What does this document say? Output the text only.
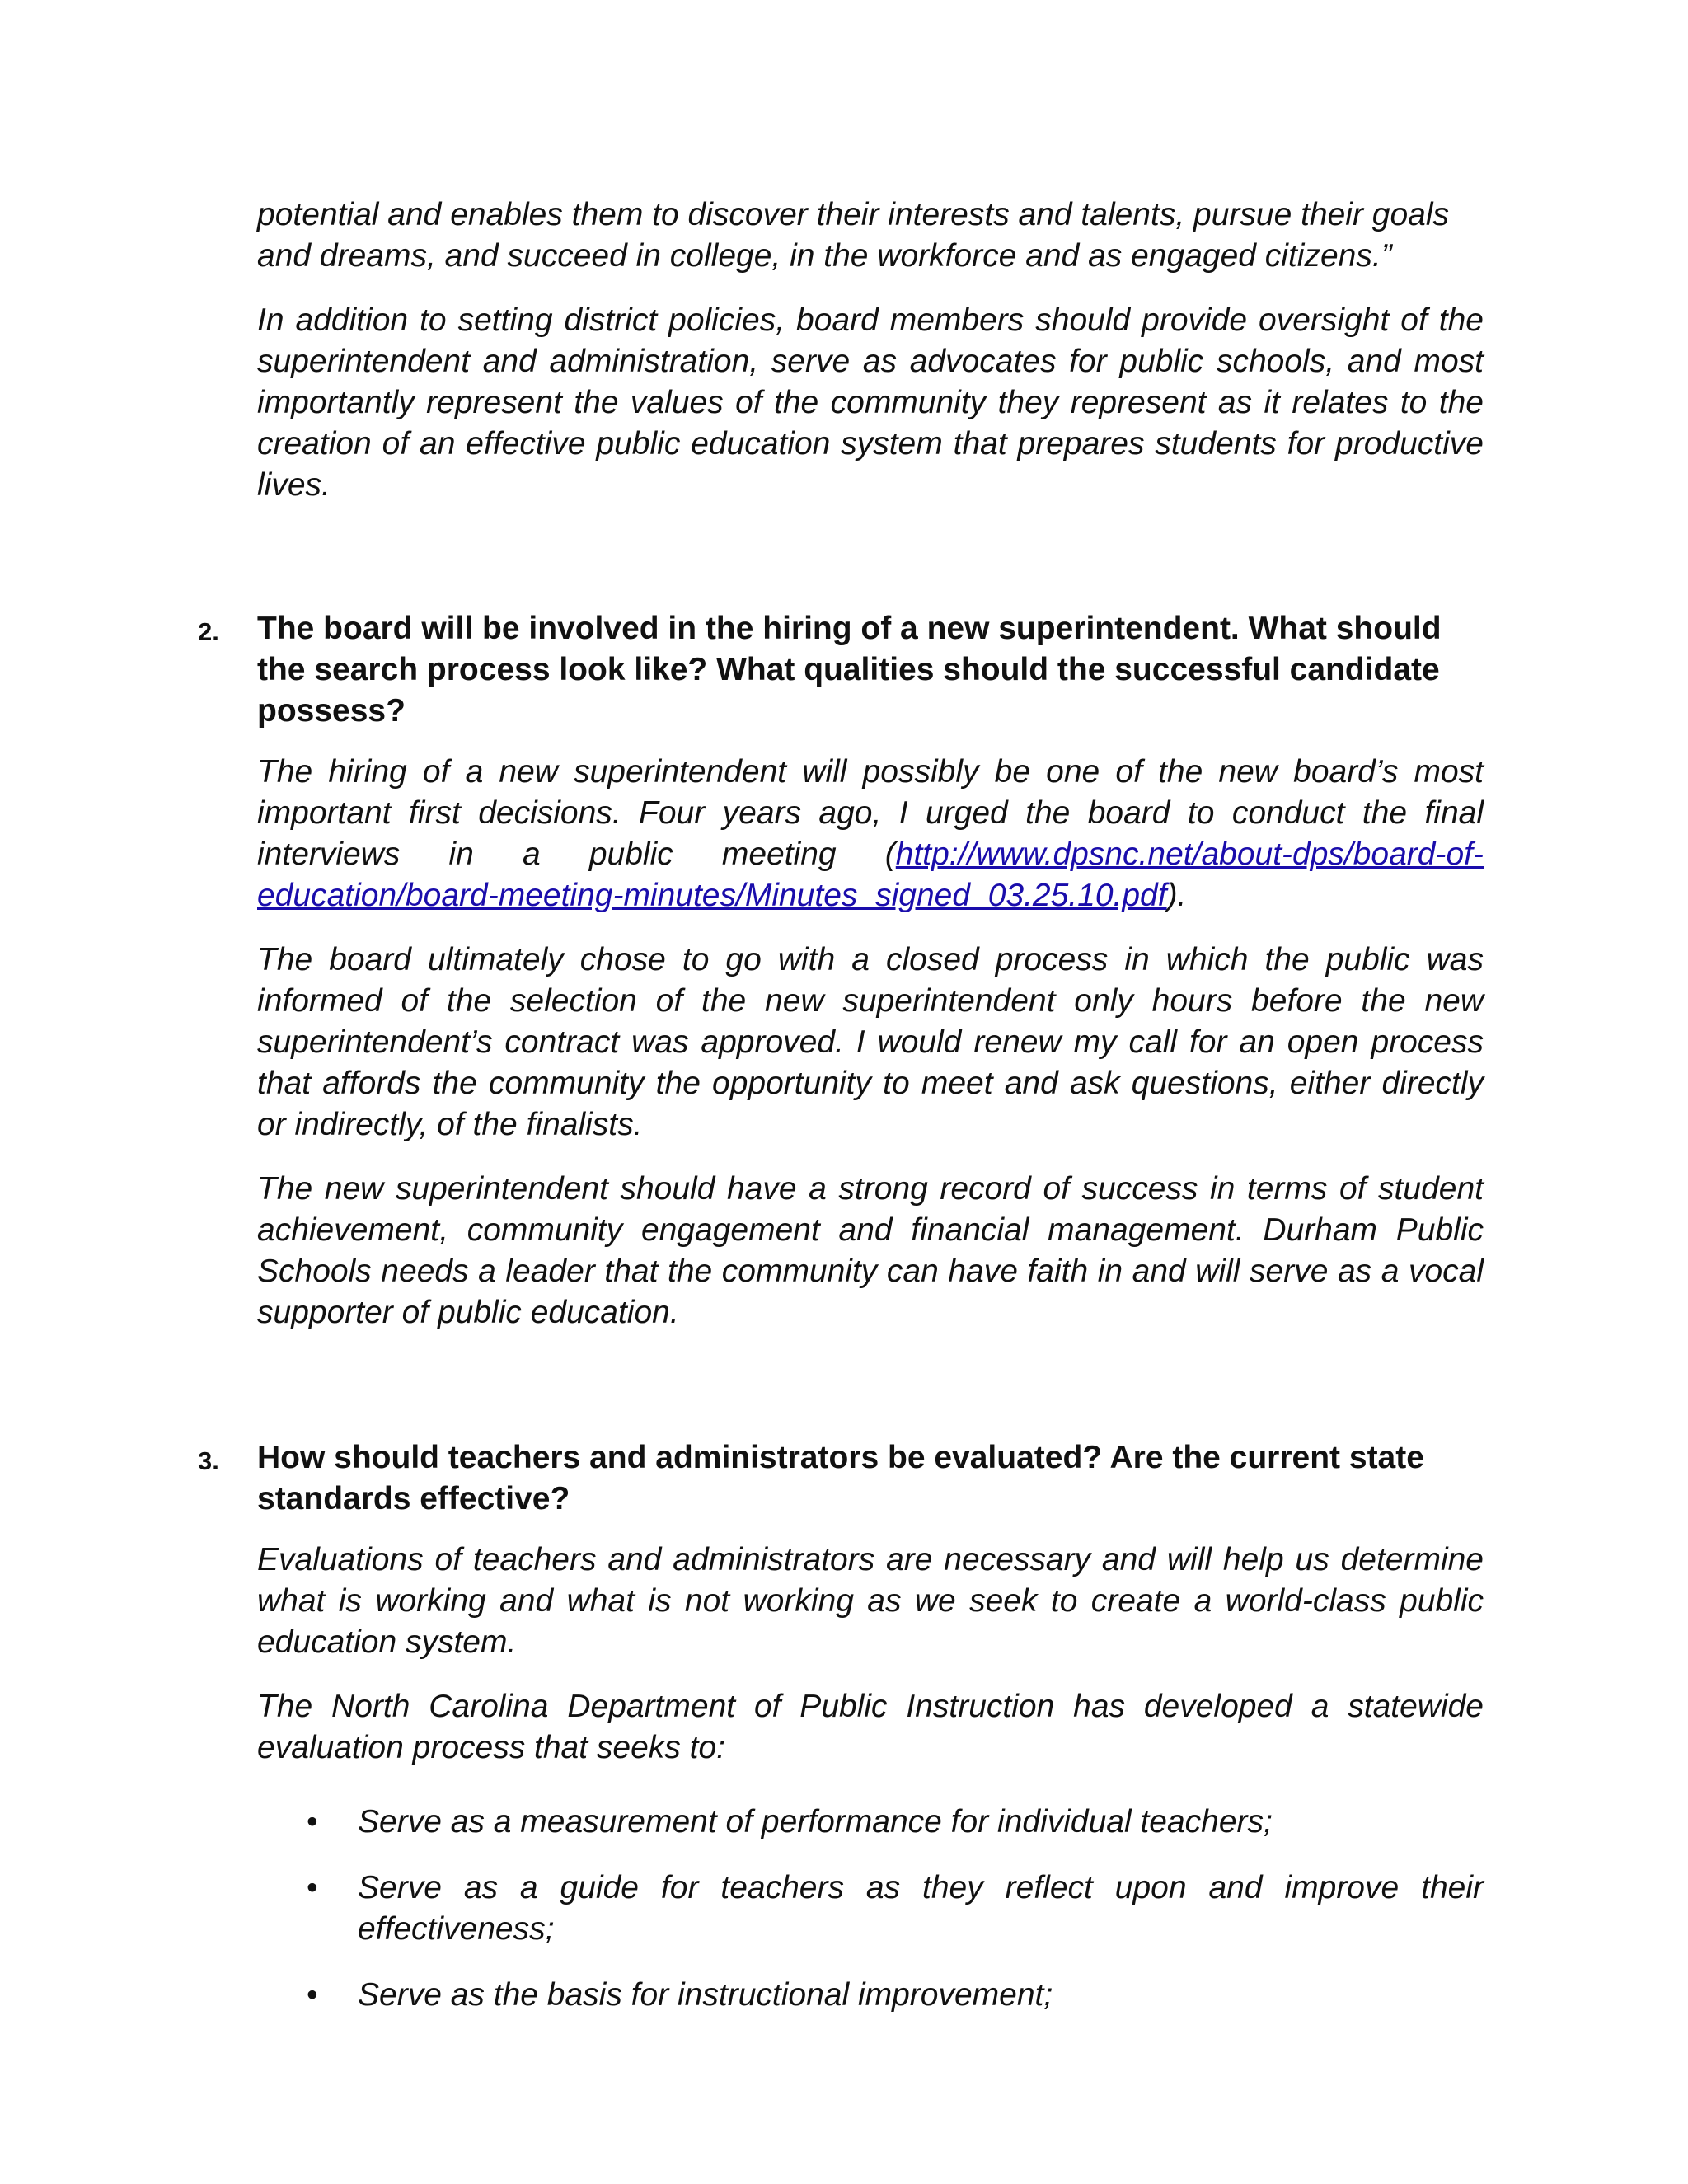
potential and enables them to discover their interests and talents, pursue their goals and dreams, and succeed in college, in the workforce and as engaged citizens.”

In addition to setting district policies, board members should provide oversight of the superintendent and administration, serve as advocates for public schools, and most importantly represent the values of the community they represent as it relates to the creation of an effective public education system that prepares students for productive lives.

2. The board will be involved in the hiring of a new superintendent. What should the search process look like? What qualities should the successful candidate possess?

The hiring of a new superintendent will possibly be one of the new board’s most important first decisions. Four years ago, I urged the board to conduct the final interviews in a public meeting (http://www.dpsnc.net/about-dps/board-of-education/board-meeting-minutes/Minutes_signed_03.25.10.pdf).

The board ultimately chose to go with a closed process in which the public was informed of the selection of the new superintendent only hours before the new superintendent’s contract was approved. I would renew my call for an open process that affords the community the opportunity to meet and ask questions, either directly or indirectly, of the finalists.

The new superintendent should have a strong record of success in terms of student achievement, community engagement and financial management. Durham Public Schools needs a leader that the community can have faith in and will serve as a vocal supporter of public education.

3. How should teachers and administrators be evaluated? Are the current state standards effective?

Evaluations of teachers and administrators are necessary and will help us determine what is working and what is not working as we seek to create a world-class public education system.

The North Carolina Department of Public Instruction has developed a statewide evaluation process that seeks to:

• Serve as a measurement of performance for individual teachers;
• Serve as a guide for teachers as they reflect upon and improve their effectiveness;
• Serve as the basis for instructional improvement;
